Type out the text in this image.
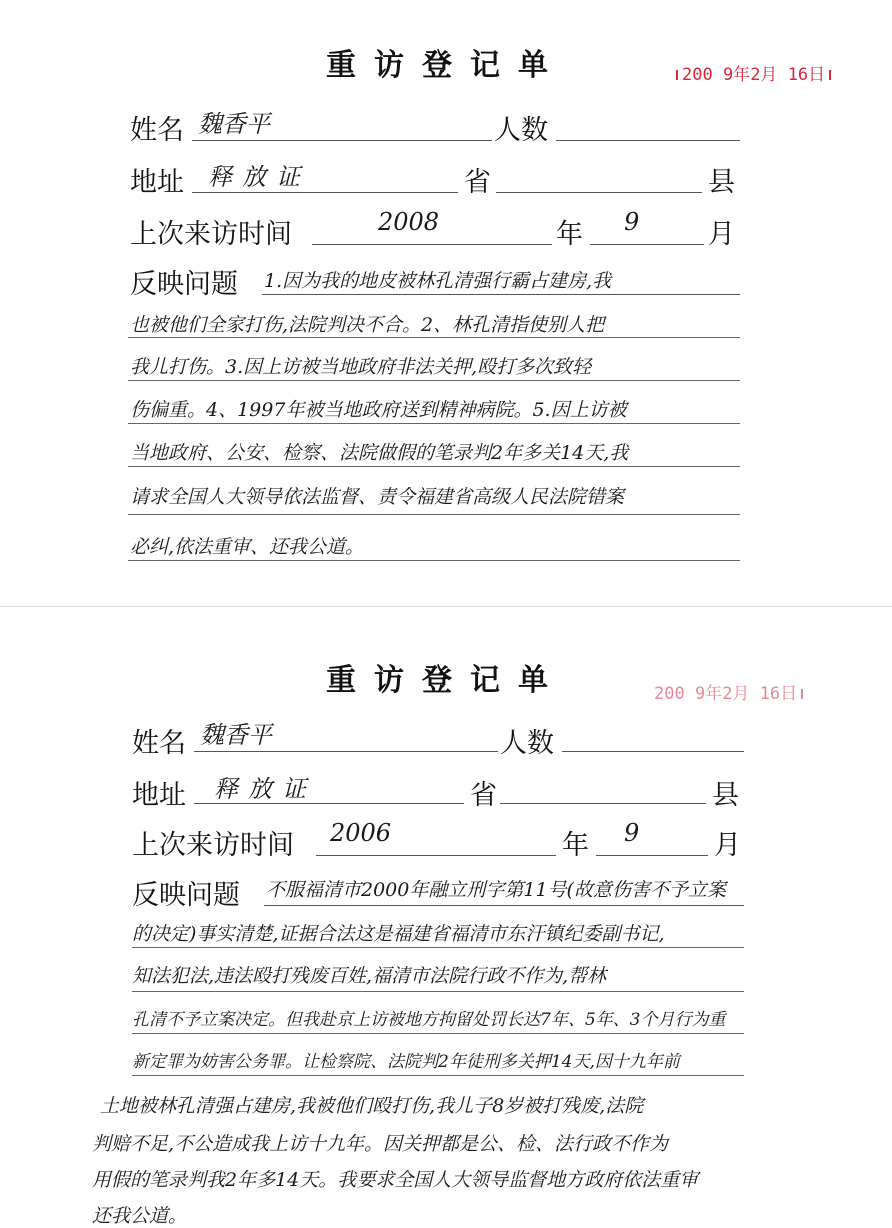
重访登记单	200 9年2月 16日
姓名 魏香平	人数
地址 释放证	省	县
上次来访时间	2008	年 9	月
反映问题 1.因为我的地皮被林孔清强行霸占建房,我
也被他们全家打伤,法院判决不合。2、林孔清指使别人把
我儿打伤。3.因上访被当地政府非法关押,殴打多次致轻
伤偏重。4、1997年被当地政府送到精神病院。5.因上访被
当地政府、公安、检察、法院做假的笔录判2年多关14天,我
请求全国人大领导依法监督、责令福建省高级人民法院错案
必纠,依法重审、还我公道。
重访登记单	200 9年2月 16日
姓名 魏香平	人数
地址 释放证	省	县
上次来访时间 2006	年 9	月
反映问题 不服福清市2000年融立刑字第11号(故意伤害不予立案
的决定)事实清楚,证据合法这是福建省福清市东汗镇纪委副书记,
知法犯法,违法殴打残废百姓,福清市法院行政不作为,帮林
孔清不予立案决定。但我赴京上访被地方拘留处罚长达7年、5年、3个月行为重
新定罪为妨害公务罪。让检察院、法院判2年徒刑多关押14天,因十九年前
土地被林孔清强占建房,我被他们殴打伤,我儿子8岁被打残废,法院
判赔不足,不公造成我上访十九年。因关押都是公、检、法行政不作为
用假的笔录判我2年多14天。我要求全国人大领导监督地方政府依法重审
还我公道。
